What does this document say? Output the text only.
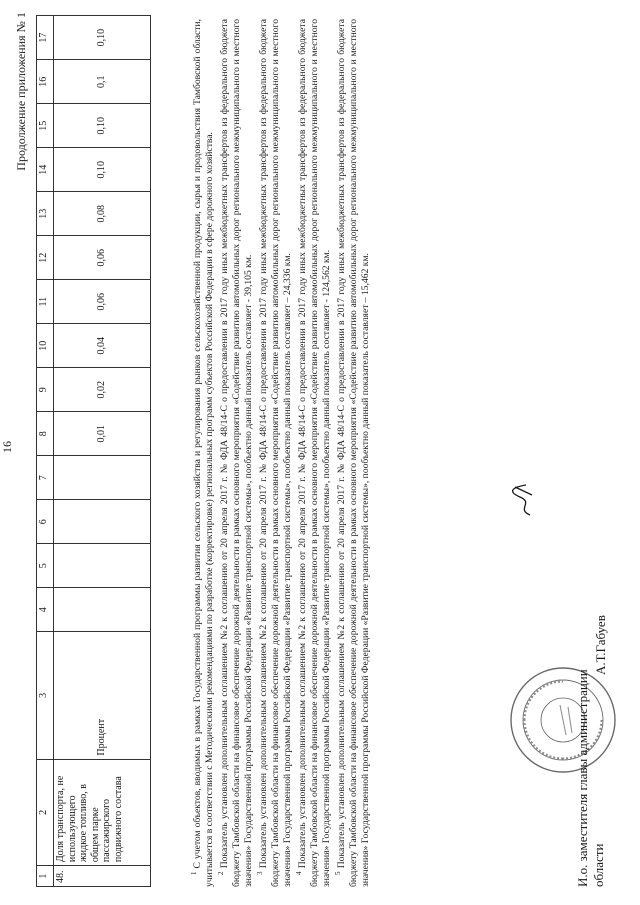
16
Продолжение приложения № 1
1	2	3	4	5	6	7	8	9	10	11	12	13	14	15	16	17
48.	Доля транспорта, не использующего жидкое топливо, в общем парке пассажирского подвижного состава	Процент					0,01	0,02	0,04	0,06	0,06	0,08	0,10	0,10	0,1	0,10

$^1$ С учетом объектов, вводимых в рамках Государственной программы развития сельского хозяйства и регулирования рынков сельскохозяйственной продукции, сырья и продовольствия Тамбовской области, учитывается в соответствии с Методическими рекомендациями по разработке (корректировке) региональных программ субъектов Российской Федерации в сфере дорожного хозяйства. $^2$ Показатель установлен дополнительным соглашением №2 к соглашению от 20 апреля 2017 г. № ФДА 48/14-С о предоставлении в 2017 году иных межбюджетных трансфертов из федерального бюджета бюджету Тамбовской области на финансовое обеспечение дорожной деятельности в рамках основного мероприятия «Содействие развитию автомобильных дорог регионального межмуниципального и местного значения» Государственной программы Российской Федерации «Развитие транспортной системы», пообъектно данный показатель составляет - 39,105 км. $^3$ Показатель установлен дополнительным соглашением №2 к соглашению от 20 апреля 2017 г. № ФДА 48/14-С о предоставлении в 2017 году иных межбюджетных трансфертов из федерального бюджета бюджету Тамбовской области на финансовое обеспечение дорожной деятельности в рамках основного мероприятия «Содействие развитию автомобильных дорог регионального межмуниципального и местного значения» Государственной программы Российской Федерации «Развитие транспортной системы», пообъектно данный показатель составляет – 24,336 км. $^4$ Показатель установлен дополнительным соглашением №2 к соглашению от 20 апреля 2017 г. № ФДА 48/14-С о предоставлении в 2017 году иных межбюджетных трансфертов из федерального бюджета бюджету Тамбовской области на финансовое обеспечение дорожной деятельности в рамках основного мероприятия «Содействие развитию автомобильных дорог регионального межмуниципального и местного значения» Государственной программы Российской Федерации «Развитие транспортной системы», пообъектно данный показатель составляет - 124,562 км. $^5$ Показатель установлен дополнительным соглашением №2 к соглашению от 20 апреля 2017 г. № ФДА 48/14-С о предоставлении в 2017 году иных межбюджетных трансфертов из федерального бюджета бюджету Тамбовской области на финансовое обеспечение дорожной деятельности в рамках основного мероприятия «Содействие развитию автомобильных дорог регионального межмуниципального и местного значения» Государственной программы Российской Федерации «Развитие транспортной системы», пообъектно данный показатель составляет – 15,462 км.	И.о. заместителя главы администрации области
А.Т.Габуев
